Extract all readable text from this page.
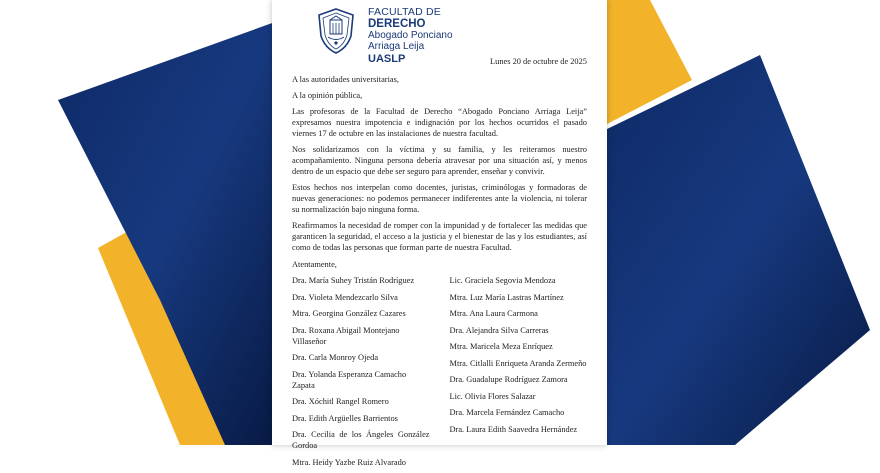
FACULTAD DE
DERECHO
Abogado Ponciano
Arriaga Leija
UASLP	Lunes 20 de octubre de 2025

A las autoridades universitarias,

A la opinión pública,

Las profesoras de la Facultad de Derecho “Abogado Ponciano Arriaga Leija” expresamos nuestra impotencia e indignación por los hechos ocurridos el pasado viernes 17 de octubre en las instalaciones de nuestra facultad.

Nos solidarizamos con la víctima y su familia, y les reiteramos nuestro acompañamiento. Ninguna persona debería atravesar por una situación así, y menos dentro de un espacio que debe ser seguro para aprender, enseñar y convivir.

Estos hechos nos interpelan como docentes, juristas, criminólogas y formadoras de nuevas generaciones: no podemos permanecer indiferentes ante la violencia, ni tolerar su normalización bajo ninguna forma.

Reafirmamos la necesidad de romper con la impunidad y de fortalecer las medidas que garanticen la seguridad, el acceso a la justicia y el bienestar de las y los estudiantes, así como de todas las personas que forman parte de nuestra Facultad.

Atentamente,

Dra. María Suhey Tristán Rodríguez
Dra. Violeta Mendezcarlo Silva
Mtra. Georgina González Cazares
Dra. Roxana Abigail Montejano Villaseñor
Dra. Carla Monroy Ojeda
Dra. Yolanda Esperanza Camacho Zapata
Dra. Xóchitl Rangel Romero
Dra. Edith Argüelles Barrientos
Dra. Cecilia de los Ángeles González Gordoa
Mtra. Heidy Yazbe Ruiz Alvarado
Lic. Graciela Segovia Mendoza
Mtra. Luz María Lastras Martínez
Mtra. Ana Laura Carmona
Dra. Alejandra Silva Carreras
Mtra. Maricela Meza Enríquez
Mtra. Citlalli Enriqueta Aranda Zermeño
Dra. Guadalupe Rodríguez Zamora
Lic. Olivia Flores Salazar
Dra. Marcela Fernández Camacho
Dra. Laura Edith Saavedra Hernández
